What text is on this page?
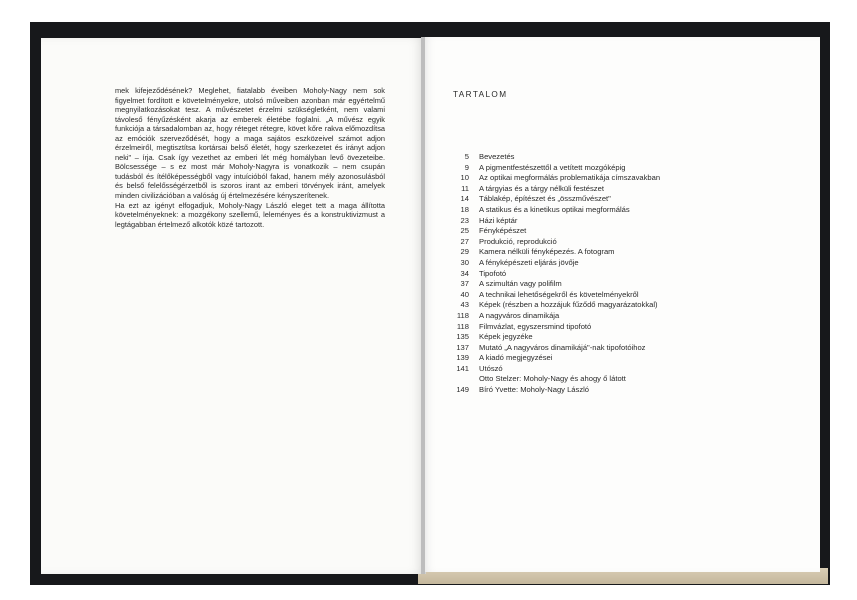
mek kifejeződésének? Meglehet, fiatalabb éveiben Moholy-Nagy nem sok figyelmet fordított e követelményekre, utolsó műveiben azonban már egyértelmű megnyilatkozásokat tesz. A művészetet érzelmi szükségletként, nem valami távoleső fényűzésként akarja az emberek életébe foglalni. „A művész egyik funkciója a társadalomban az, hogy réteget rétegre, követ kőre rakva előmozdítsa az emóciók szerveződését, hogy a maga sajátos eszközeivel számot adjon érzelmeiről, megtisztítsa kortársai belső életét, hogy szerkezetet és irányt adjon neki" – írja. Csak így vezethet az emberi lét még homályban levő övezeteibe. Bölcsessége – s ez most már Moholy-Nagyra is vonatkozik – nem csupán tudásból és ítélőképességből vagy intuícióból fakad, hanem mély azonosulásból és belső felelősségérzetből is szoros irant az emberi törvények iránt, amelyek minden civilizációban a valóság új értelmezésére kényszerítenek.

Ha ezt az igényt elfogadjuk, Moholy-Nagy László eleget tett a maga állította követelményeknek: a mozgékony szellemű, leleményes és a konstruktivizmust a legtágabban értelmező alkotók közé tartozott.

TARTALOM
5	Bevezetés
9	A pigmentfestészettől a vetített mozgóképig
10	Az optikai megformálás problematikája címszavakban
11	A tárgyias és a tárgy nélküli festészet
14	Táblakép, építészet és „összművészet"
18	A statikus és a kinetikus optikai megformálás
23	Házi képtár
25	Fényképészet
27	Produkció, reprodukció
29	Kamera nélküli fényképezés. A fotogram
30	A fényképészeti eljárás jövője
34	Tipofotó
37	A szimultán vagy polifilm
40	A technikai lehetőségekről és követelményekről
43	Képek (részben a hozzájuk fűződő magyarázatokkal)
118	A nagyváros dinamikája
118	Filmvázlat, egyszersmind tipofotó
135	Képek jegyzéke
137	Mutató „A nagyváros dinamikájá"-nak tipofotóihoz
139	A kiadó megjegyzései
141	Utószó
Otto Stelzer: Moholy-Nagy és ahogy ő látott
149	Bíró Yvette: Moholy-Nagy László
